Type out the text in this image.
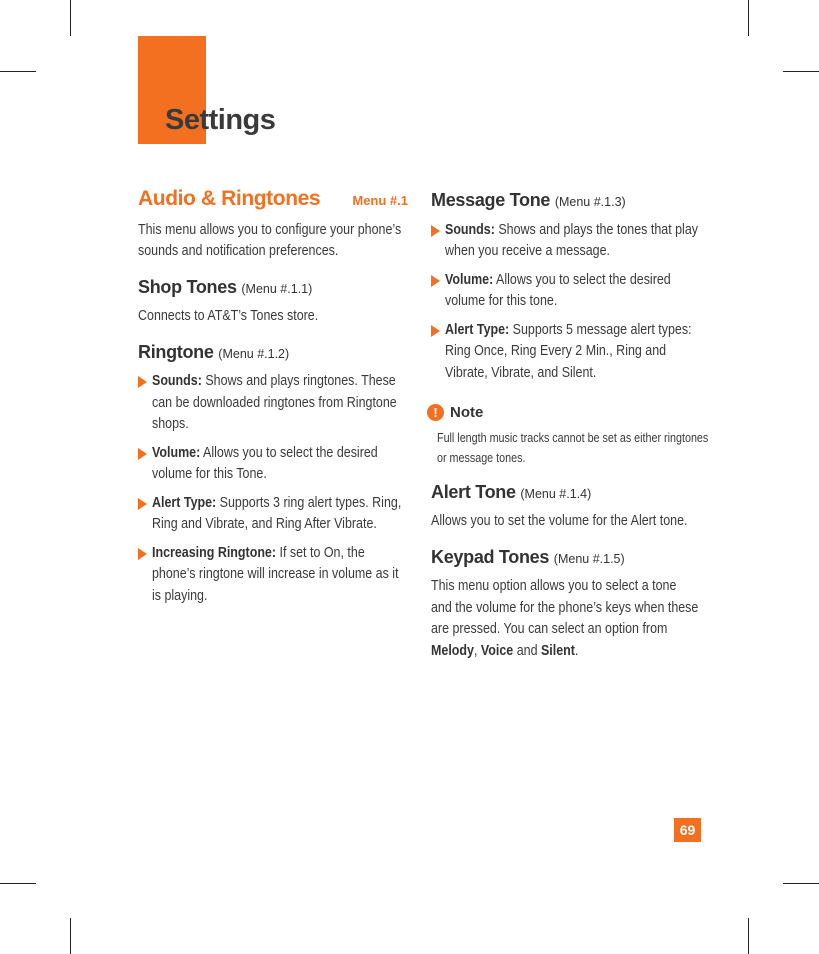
Settings
Audio & Ringtones Menu #.1

This menu allows you to configure your phone’s sounds and notification preferences.

Shop Tones (Menu #.1.1)

Connects to AT&T’s Tones store.

Ringtone (Menu #.1.2)
Sounds: Shows and plays ringtones. These can be downloaded ringtones from Ringtone shops.
Volume: Allows you to select the desired volume for this Tone.
Alert Type: Supports 3 ring alert types. Ring, Ring and Vibrate, and Ring After Vibrate.
Increasing Ringtone: If set to On, the phone’s ringtone will increase in volume as it is playing.
Message Tone (Menu #.1.3)
Sounds: Shows and plays the tones that play when you receive a message.
Volume: Allows you to select the desired volume for this tone.
Alert Type: Supports 5 message alert types: Ring Once, Ring Every 2 Min., Ring and Vibrate, Vibrate, and Silent.
! Note
Full length music tracks cannot be set as either ringtones or message tones.
Alert Tone (Menu #.1.4)

Allows you to set the volume for the Alert tone.

Keypad Tones (Menu #.1.5)

This menu option allows you to select a tone and the volume for the phone’s keys when these are pressed. You can select an option from Melody, Voice and Silent.

69
